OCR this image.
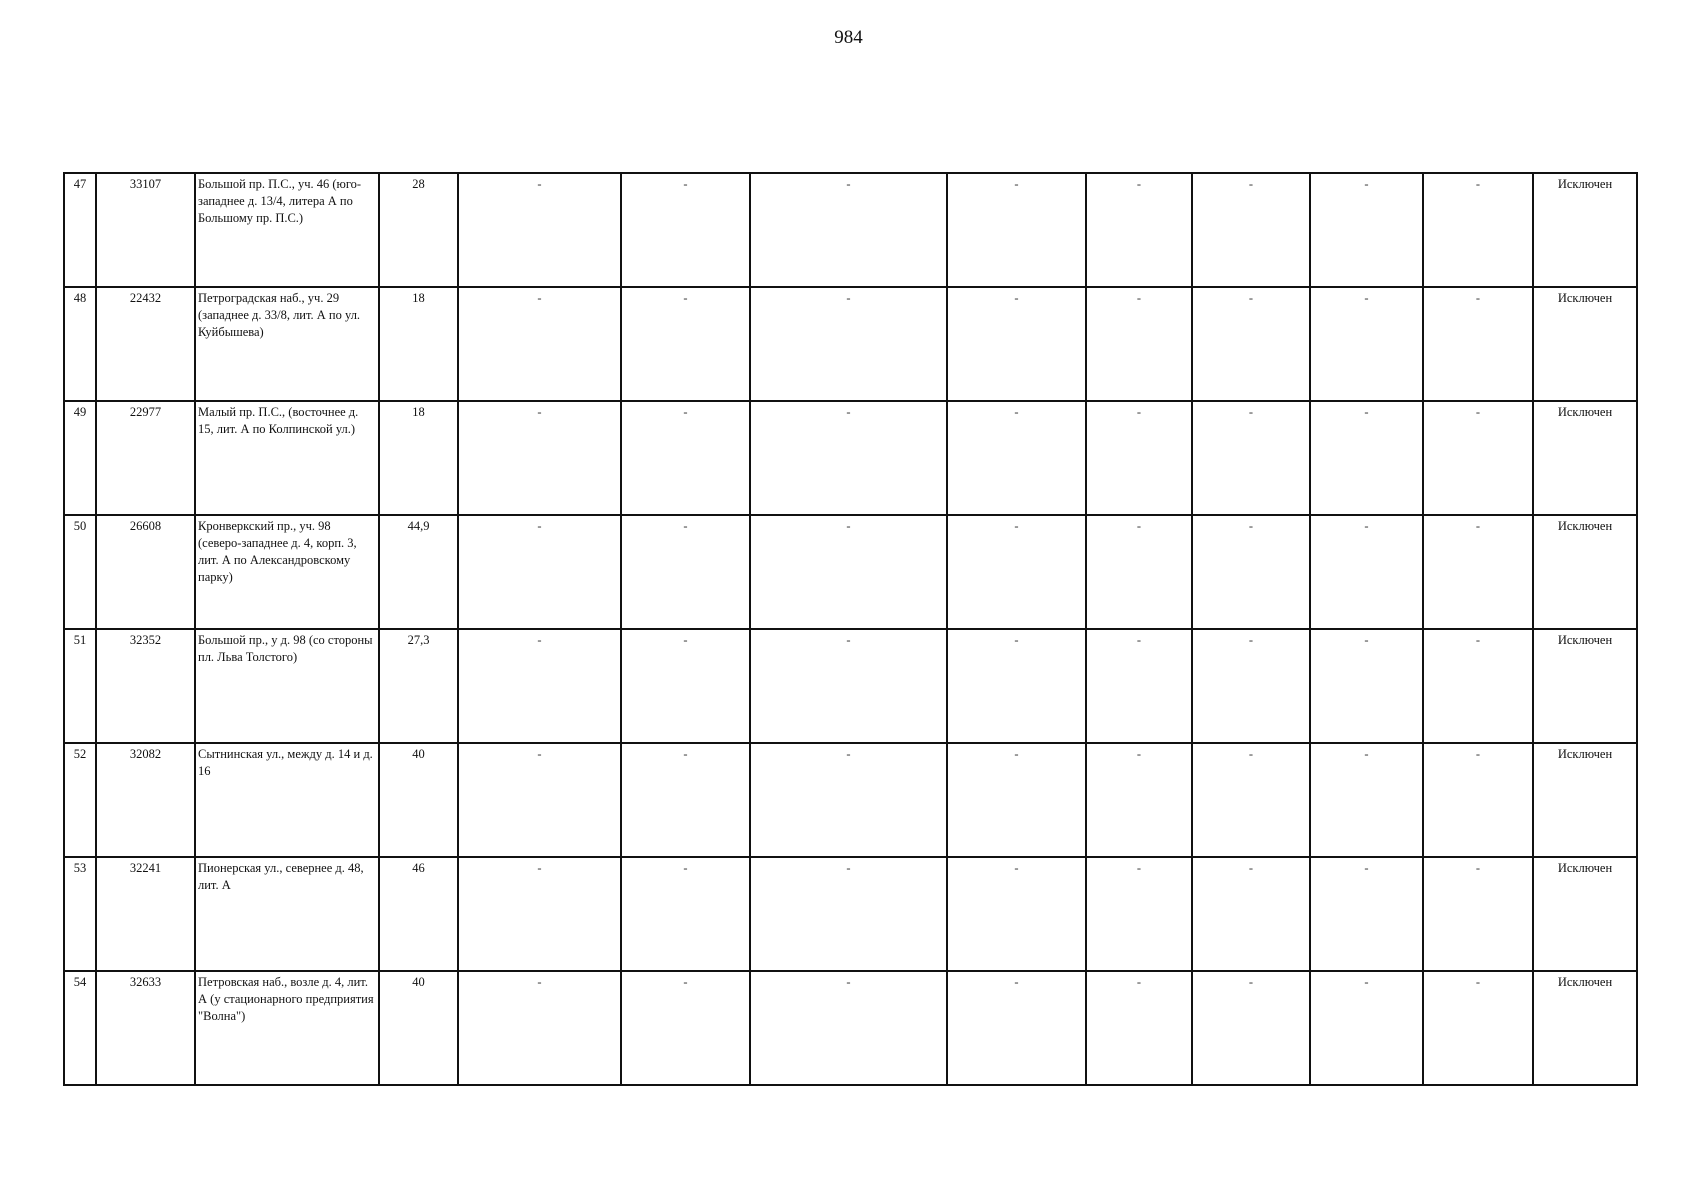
984
47	33107	Большой пр. П.С., уч. 46 (юго-западнее д. 13/4, литера А по Большому пр. П.С.)	28	-	-	-	-	-	-	-	-	Исключен
48	22432	Петроградская наб., уч. 29 (западнее д. 33/8, лит. А по ул. Куйбышева)	18	-	-	-	-	-	-	-	-	Исключен
49	22977	Малый пр. П.С., (восточнее д. 15, лит. А по Колпинской ул.)	18	-	-	-	-	-	-	-	-	Исключен
50	26608	Кронверкский пр., уч. 98 (северо-западнее д. 4, корп. 3, лит. А по Александровскому парку)	44,9	-	-	-	-	-	-	-	-	Исключен
51	32352	Большой пр., у д. 98 (со стороны пл. Льва Толстого)	27,3	-	-	-	-	-	-	-	-	Исключен
52	32082	Сытнинская ул., между д. 14 и д. 16	40	-	-	-	-	-	-	-	-	Исключен
53	32241	Пионерская ул., севернее д. 48, лит. А	46	-	-	-	-	-	-	-	-	Исключен
54	32633	Петровская наб., возле д. 4, лит. А (у стационарного предприятия "Волна")	40	-	-	-	-	-	-	-	-	Исключен
